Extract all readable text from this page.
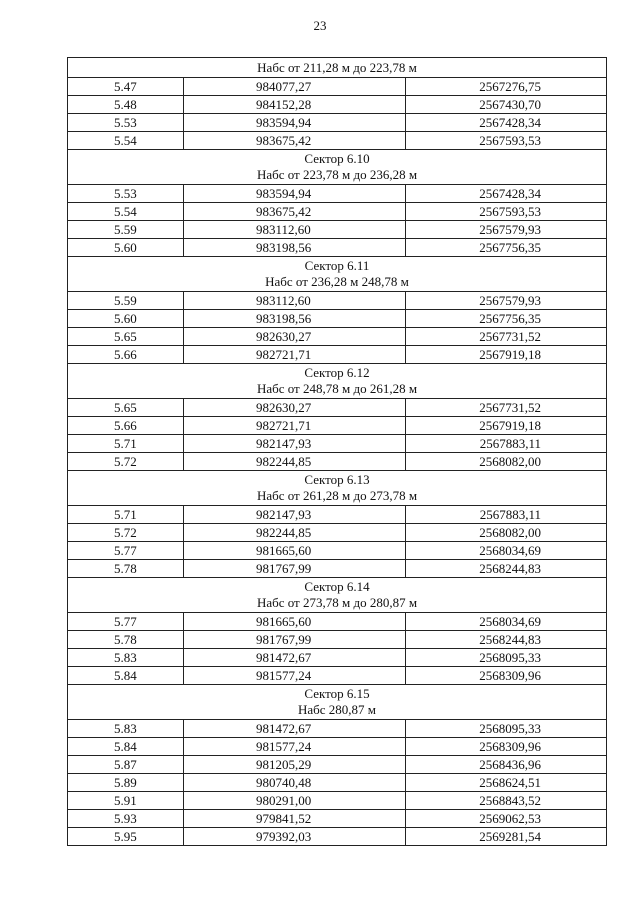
23
Набс от 211,28 м до 223,78 м		

5.47	984077,27	2567276,75
5.48	984152,28	2567430,70
5.53	983594,94	2567428,34
5.54	983675,42	2567593,53

Сектор 6.10
Набс от 223,78 м до 236,28 м		

5.53	983594,94	2567428,34
5.54	983675,42	2567593,53
5.59	983112,60	2567579,93
5.60	983198,56	2567756,35

Сектор 6.11
Набс от 236,28 м 248,78 м		

5.59	983112,60	2567579,93
5.60	983198,56	2567756,35
5.65	982630,27	2567731,52
5.66	982721,71	2567919,18

Сектор 6.12
Набс от 248,78 м до 261,28 м		

5.65	982630,27	2567731,52
5.66	982721,71	2567919,18
5.71	982147,93	2567883,11
5.72	982244,85	2568082,00

Сектор 6.13
Набс от 261,28 м до 273,78 м		

5.71	982147,93	2567883,11
5.72	982244,85	2568082,00
5.77	981665,60	2568034,69
5.78	981767,99	2568244,83

Сектор 6.14
Набс от 273,78 м до 280,87 м		

5.77	981665,60	2568034,69
5.78	981767,99	2568244,83
5.83	981472,67	2568095,33
5.84	981577,24	2568309,96

Сектор 6.15
Набс 280,87 м		

5.83	981472,67	2568095,33
5.84	981577,24	2568309,96
5.87	981205,29	2568436,96
5.89	980740,48	2568624,51
5.91	980291,00	2568843,52
5.93	979841,52	2569062,53
5.95	979392,03	2569281,54
